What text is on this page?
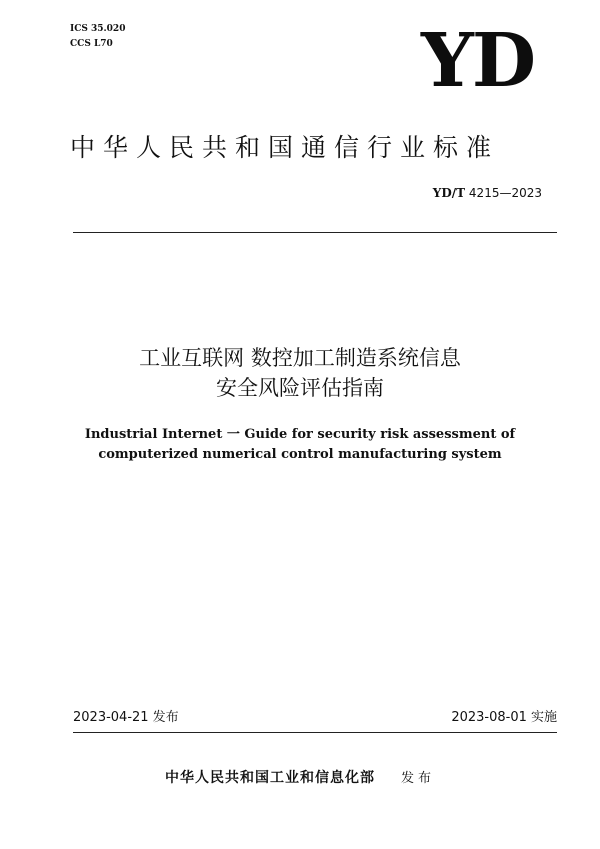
ICS 35.020
CCS L70	YD
中华人民共和国通信行业标准
YD/T 4215—2023
工业互联网 数控加工制造系统信息
安全风险评估指南
Industrial Internet 一 Guide for security risk assessment of
computerized numerical control manufacturing system
2023-04-21 发布	2023-08-01 实施
中华人民共和国工业和信息化部 发布
